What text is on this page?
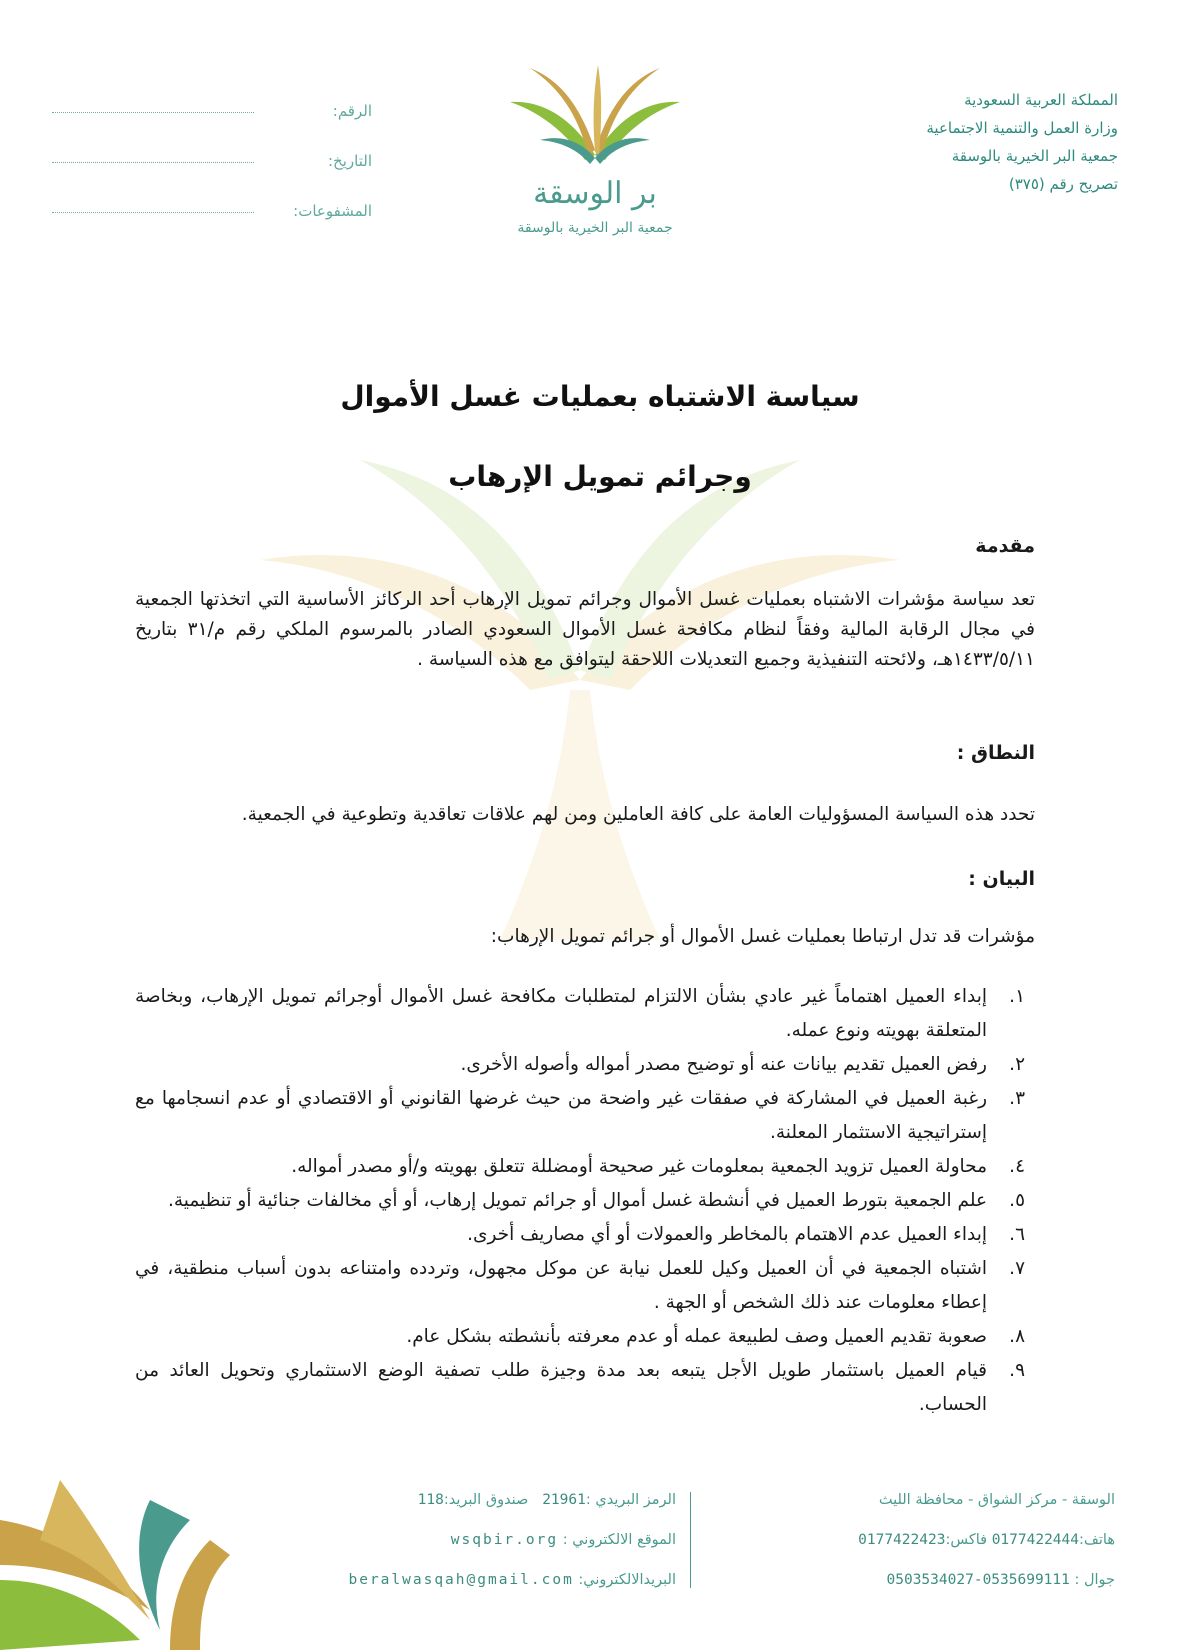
المملكة العربية السعودية
وزارة العمل والتنمية الاجتماعية
جمعية البر الخيرية بالوسقة
تصريح رقم (٣٧٥)
الرقم:
التاريخ:
المشفوعات:	بر الوسقة
جمعية البر الخيرية بالوسقة
سياسة الاشتباه بعمليات غسل الأموال
وجرائم تمويل الإرهاب
مقدمة
تعد سياسة مؤشرات الاشتباه بعمليات غسل الأموال وجرائم تمويل الإرهاب أحد الركائز الأساسية التي اتخذتها الجمعية في مجال الرقابة المالية وفقاً لنظام مكافحة غسل الأموال السعودي الصادر بالمرسوم الملكي رقم م/٣١ بتاريخ ١٤٣٣/٥/١١هـ، ولائحته التنفيذية وجميع التعديلات اللاحقة ليتوافق مع هذه السياسة .
النطاق :
تحدد هذه السياسة المسؤوليات العامة على كافة العاملين ومن لهم علاقات تعاقدية وتطوعية في الجمعية.
البيان :
مؤشرات قد تدل ارتباطا بعمليات غسل الأموال أو جرائم تمويل الإرهاب:
١.
إبداء العميل اهتماماً غير عادي بشأن الالتزام لمتطلبات مكافحة غسل الأموال أوجرائم تمويل الإرهاب، وبخاصة المتعلقة بهويته ونوع عمله.
٢.
رفض العميل تقديم بيانات عنه أو توضيح مصدر أمواله وأصوله الأخرى.
٣.
رغبة العميل في المشاركة في صفقات غير واضحة من حيث غرضها القانوني أو الاقتصادي أو عدم انسجامها مع إستراتيجية الاستثمار المعلنة.
٤.
محاولة العميل تزويد الجمعية بمعلومات غير صحيحة أومضللة تتعلق بهويته و/أو مصدر أمواله.
٥.
علم الجمعية بتورط العميل في أنشطة غسل أموال أو جرائم تمويل إرهاب، أو أي مخالفات جنائية أو تنظيمية.
٦.
إبداء العميل عدم الاهتمام بالمخاطر والعمولات أو أي مصاريف أخرى.
٧.
اشتباه الجمعية في أن العميل وكيل للعمل نيابة عن موكل مجهول، وتردده وامتناعه بدون أسباب منطقية، في إعطاء معلومات عند ذلك الشخص أو الجهة .
٨.
صعوبة تقديم العميل وصف لطبيعة عمله أو عدم معرفته بأنشطته بشكل عام.
٩.
قيام العميل باستثمار طويل الأجل يتبعه بعد مدة وجيزة طلب تصفية الوضع الاستثماري وتحويل العائد من الحساب.
الوسقة - مركز الشواق - محافظة الليث
هاتف:0177422444 فاكس:0177422423
جوال : 0535699111-0503534027
الرمز البريدي :21961   صندوق البريد:118
الموقع الالكتروني : wsqbir.org
البريدالالكتروني: beralwasqah@gmail.com
